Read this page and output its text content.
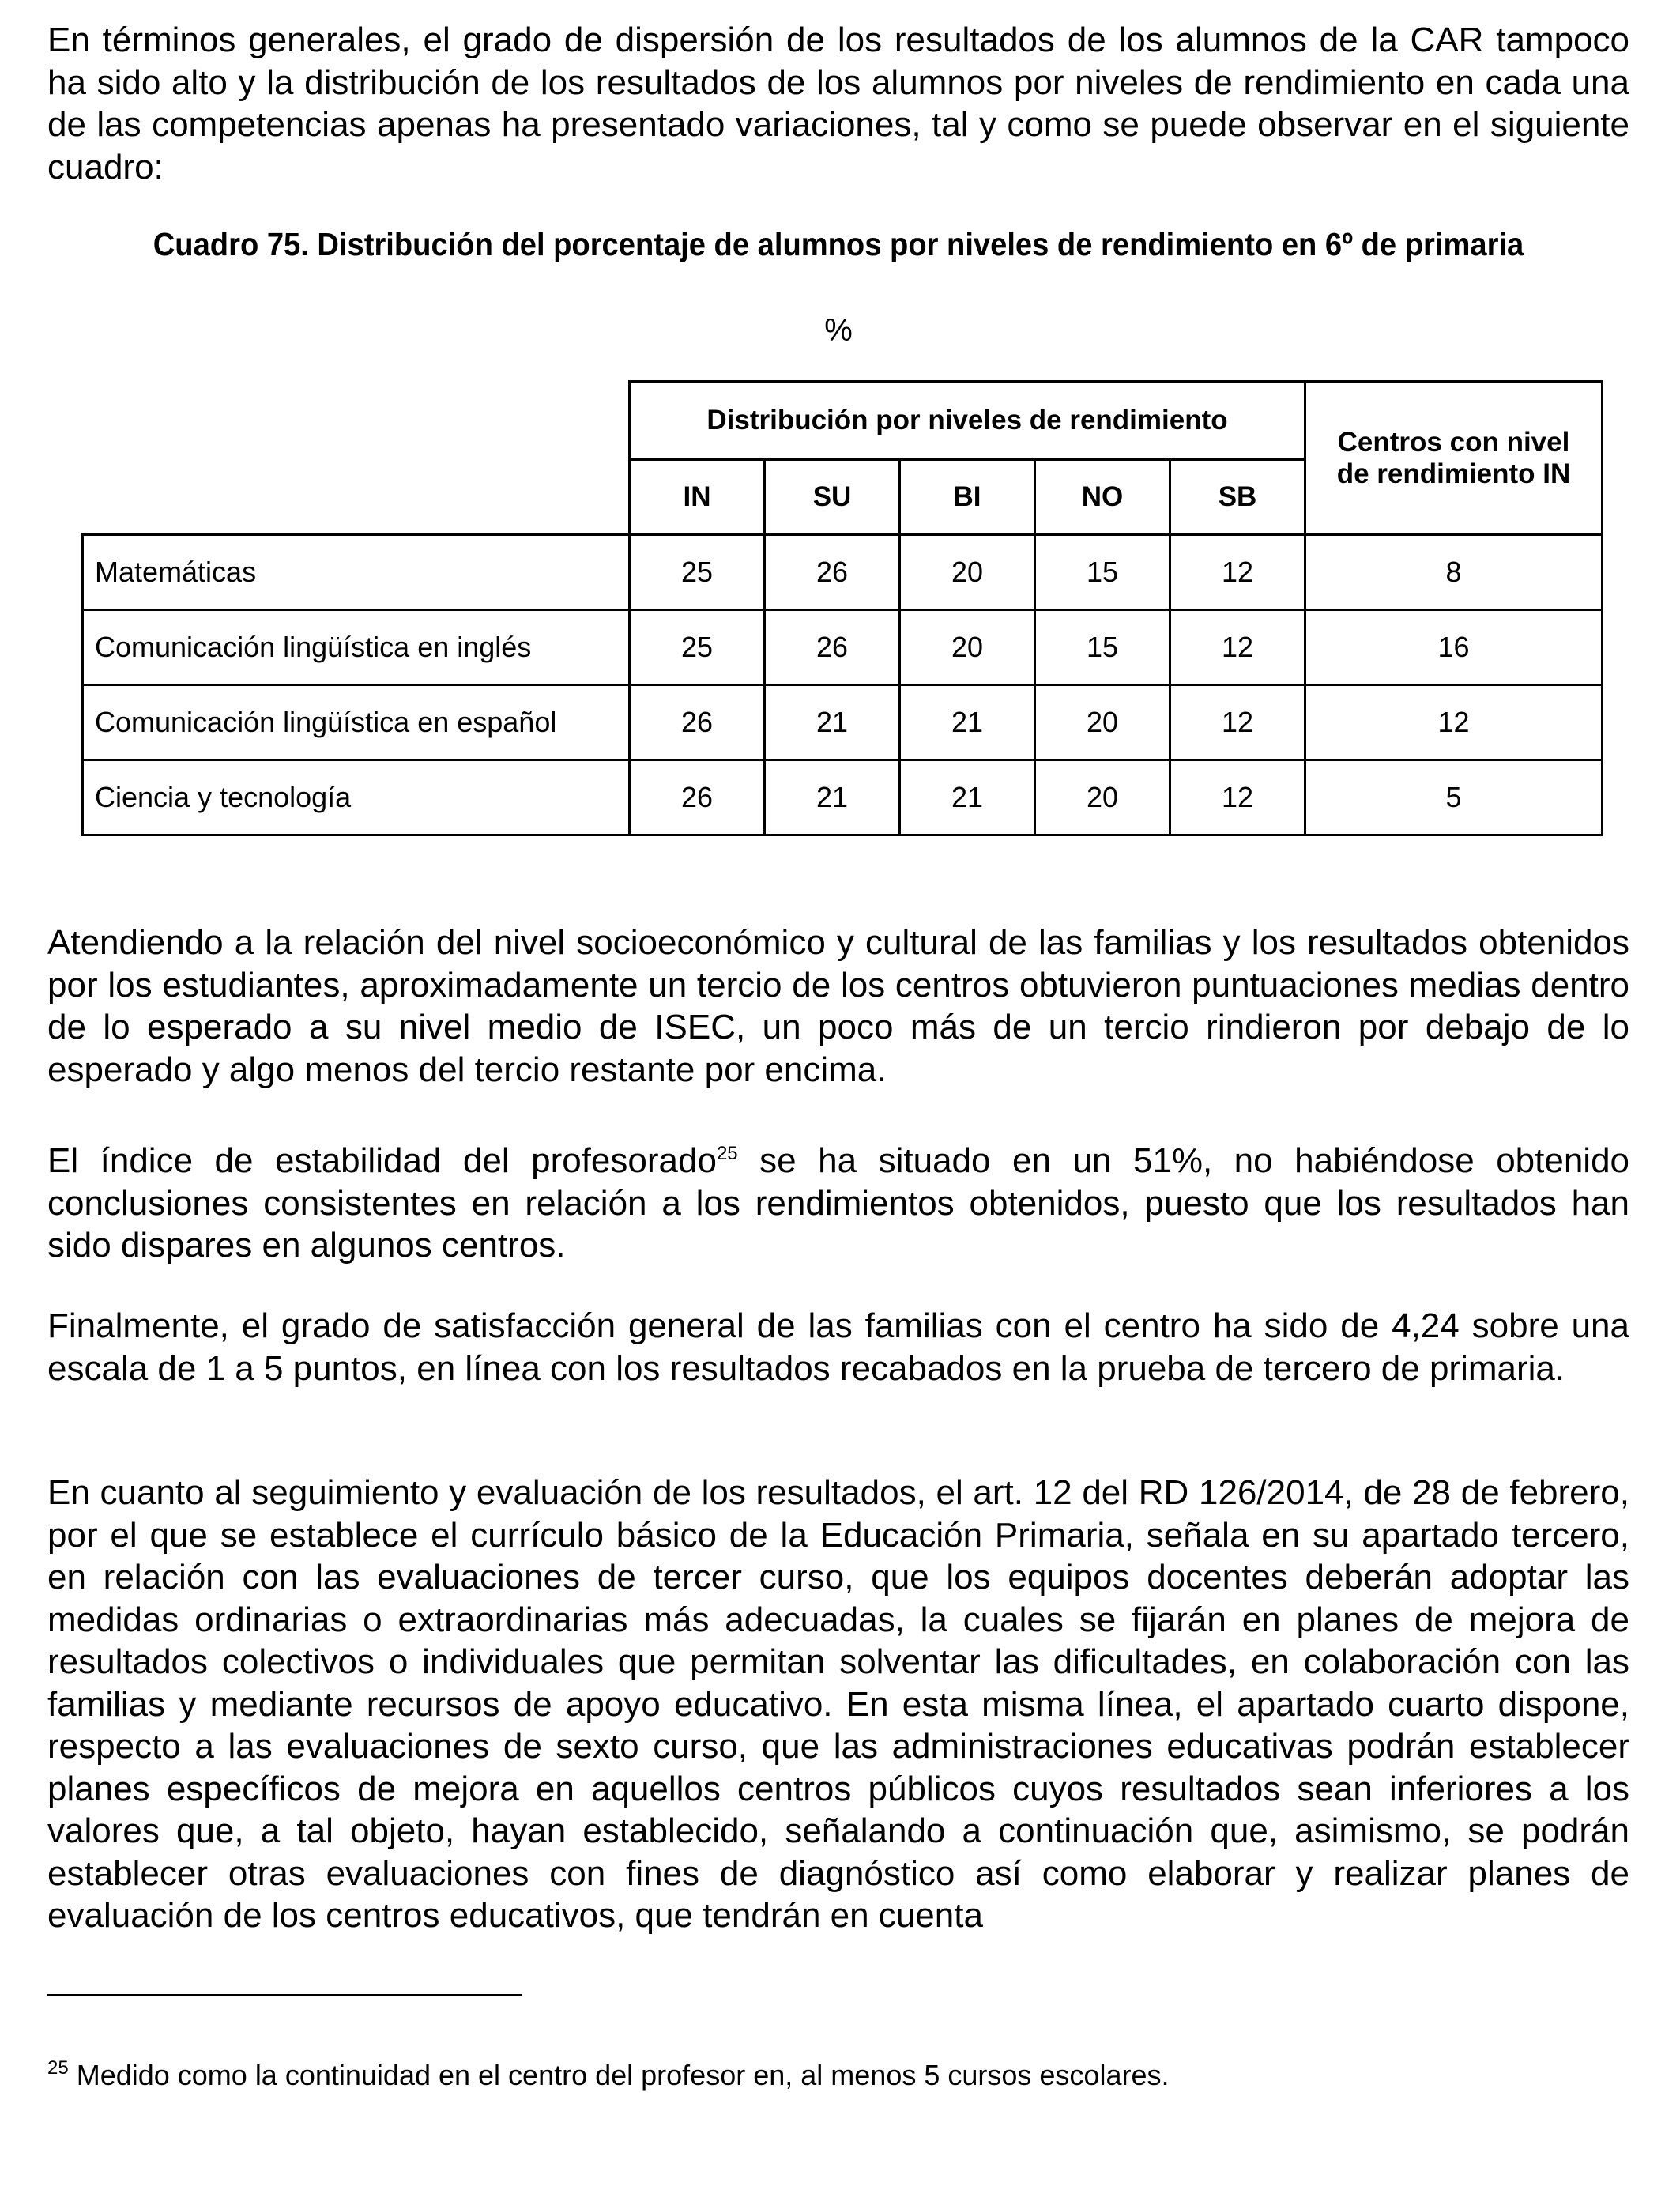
En términos generales, el grado de dispersión de los resultados de los alumnos de la CAR tampoco ha sido alto y la distribución de los resultados de los alumnos por niveles de rendimiento en cada una de las competencias apenas ha presentado variaciones, tal y como se puede observar en el siguiente cuadro:

Cuadro 75. Distribución del porcentaje de alumnos por niveles de rendimiento en 6º de primaria
%
	Distribución por niveles de rendimiento					Centros con nivel de rendimiento IN
	IN	SU	BI	NO	SB	
Matemáticas	25	26	20	15	12	8
Comunicación lingüística en inglés	25	26	20	15	12	16
Comunicación lingüística en español	26	21	21	20	12	12
Ciencia y tecnología	26	21	21	20	12	5

Atendiendo a la relación del nivel socioeconómico y cultural de las familias y los resultados obtenidos por los estudiantes, aproximadamente un tercio de los centros obtuvieron puntuaciones medias dentro de lo esperado a su nivel medio de ISEC, un poco más de un tercio rindieron por debajo de lo esperado y algo menos del tercio restante por encima.

El índice de estabilidad del profesorado$^{25}$ se ha situado en un 51%, no habiéndose obtenido conclusiones consistentes en relación a los rendimientos obtenidos, puesto que los resultados han sido dispares en algunos centros.

Finalmente, el grado de satisfacción general de las familias con el centro ha sido de 4,24 sobre una escala de 1 a 5 puntos, en línea con los resultados recabados en la prueba de tercero de primaria.

En cuanto al seguimiento y evaluación de los resultados, el art. 12 del RD 126/2014, de 28 de febrero, por el que se establece el currículo básico de la Educación Primaria, señala en su apartado tercero, en relación con las evaluaciones de tercer curso, que los equipos docentes deberán adoptar las medidas ordinarias o extraordinarias más adecuadas, la cuales se fijarán en planes de mejora de resultados colectivos o individuales que permitan solventar las dificultades, en colaboración con las familias y mediante recursos de apoyo educativo. En esta misma línea, el apartado cuarto dispone, respecto a las evaluaciones de sexto curso, que las administraciones educativas podrán establecer planes específicos de mejora en aquellos centros públicos cuyos resultados sean inferiores a los valores que, a tal objeto, hayan establecido, señalando a continuación que, asimismo, se podrán establecer otras evaluaciones con fines de diagnóstico así como elaborar y realizar planes de evaluación de los centros educativos, que tendrán en cuenta

$^{25}$ Medido como la continuidad en el centro del profesor en, al menos 5 cursos escolares.
